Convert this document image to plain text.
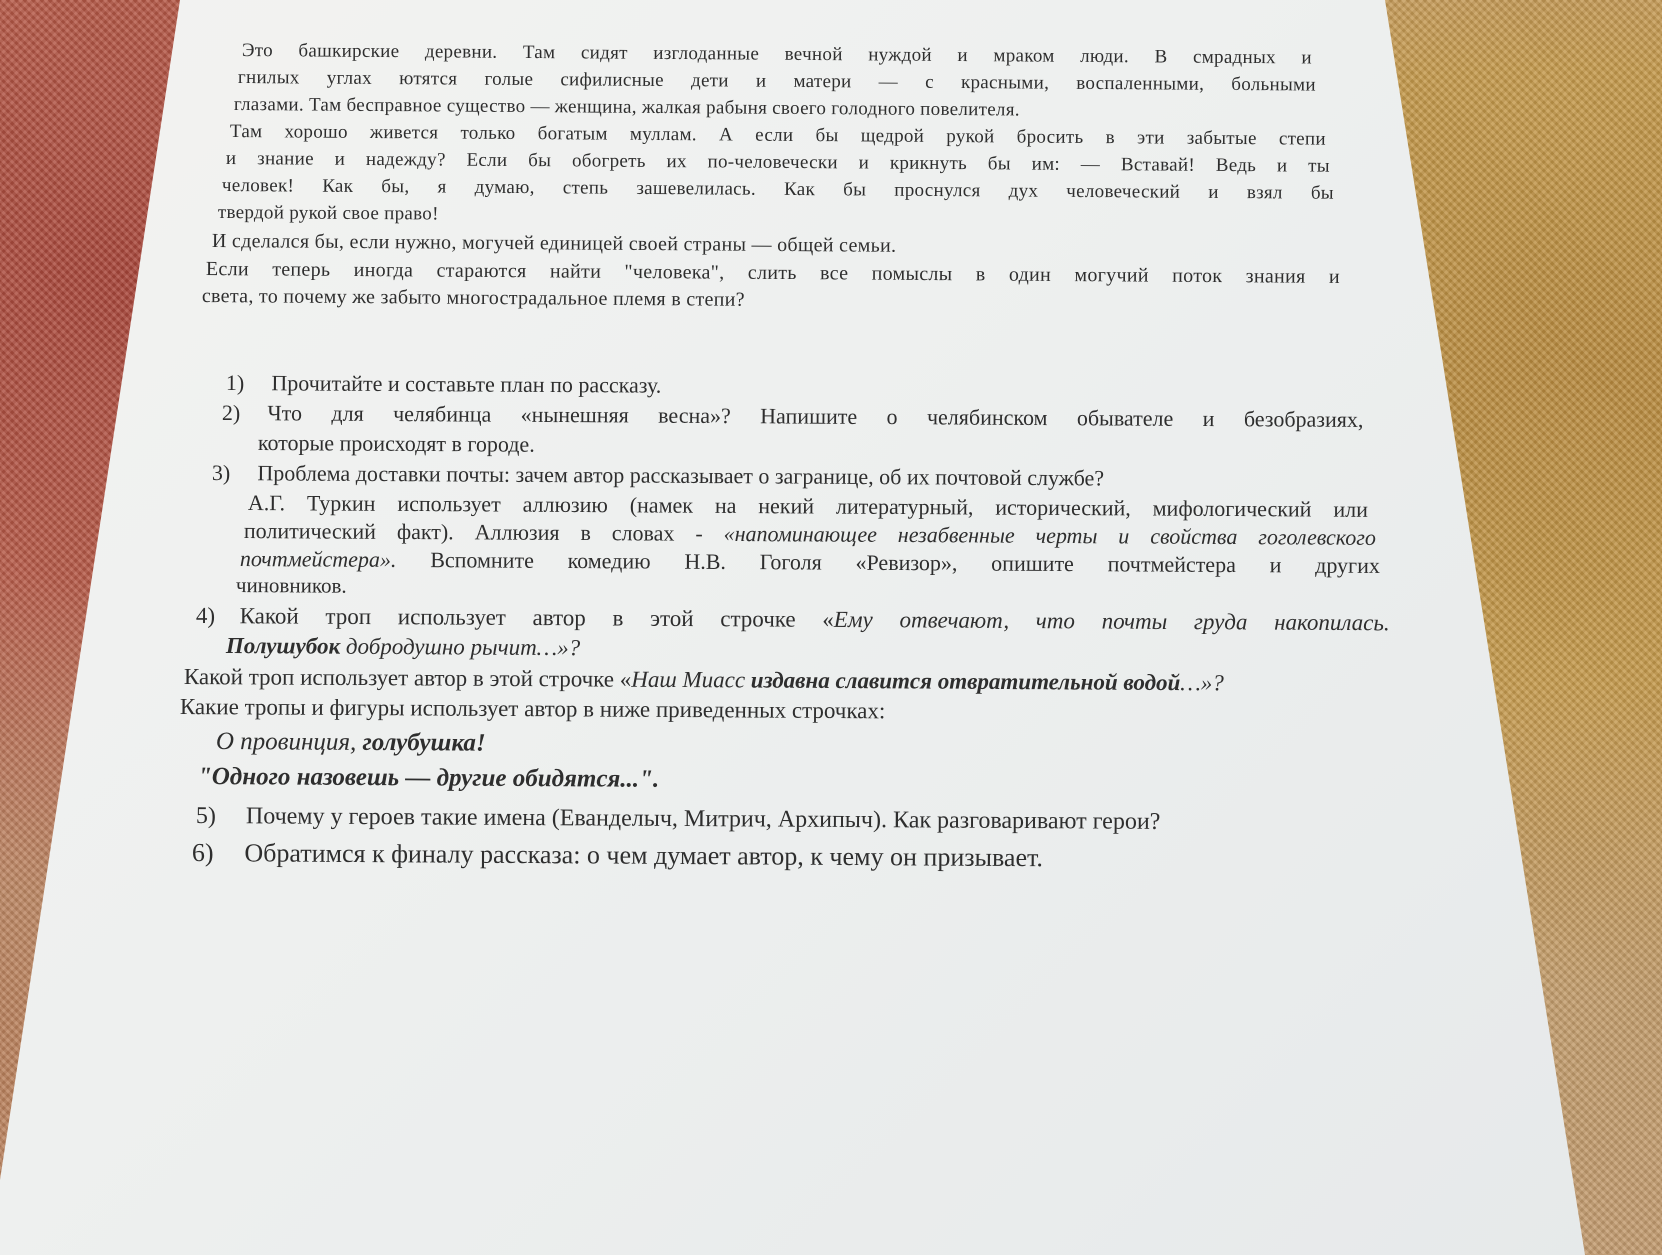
Это башкирские деревни. Там сидят изглоданные вечной нуждой и мраком люди. В смрадных и
гнилых углах ютятся голые сифилисные дети и матери — с красными, воспаленными, больными
глазами. Там бесправное существо — женщина, жалкая рабыня своего голодного повелителя.
Там хорошо живется только богатым муллам. А если бы щедрой рукой бросить в эти забытые степи
и знание и надежду? Если бы обогреть их по-человечески и крикнуть бы им: — Вставай! Ведь и ты
человек! Как бы, я думаю, степь зашевелилась. Как бы проснулся дух человеческий и взял бы
твердой рукой свое право!
И сделался бы, если нужно, могучей единицей своей страны — общей семьи.
Если теперь иногда стараются найти "человека", слить все помыслы в один могучий поток знания и
света, то почему же забыто многострадальное племя в степи?
1) Прочитайте и составьте план по рассказу.
2) Что для челябинца «нынешняя весна»? Напишите о челябинском обывателе и безобразиях,
которые происходят в городе.
3) Проблема доставки почты: зачем автор рассказывает о загранице, об их почтовой службе?
А.Г. Туркин использует аллюзию (намек на некий литературный, исторический, мифологический или
политический факт). Аллюзия в словах - «напоминающее незабвенные черты и свойства гоголевского
почтмейстера». Вспомните комедию Н.В. Гоголя «Ревизор», опишите почтмейстера и других
чиновников.
4) Какой троп использует автор в этой строчке «Ему отвечают, что почты груда накопилась.
Полушубок добродушно рычит…»?
Какой троп использует автор в этой строчке «Наш Миасс издавна славится отвратительной водой…»?
Какие тропы и фигуры использует автор в ниже приведенных строчках:
О провинция, голубушка!
"Одного назовешь — другие обидятся...".
5) Почему у героев такие имена (Еванделыч, Митрич, Архипыч). Как разговаривают герои?
6) Обратимся к финалу рассказа: о чем думает автор, к чему он призывает.
